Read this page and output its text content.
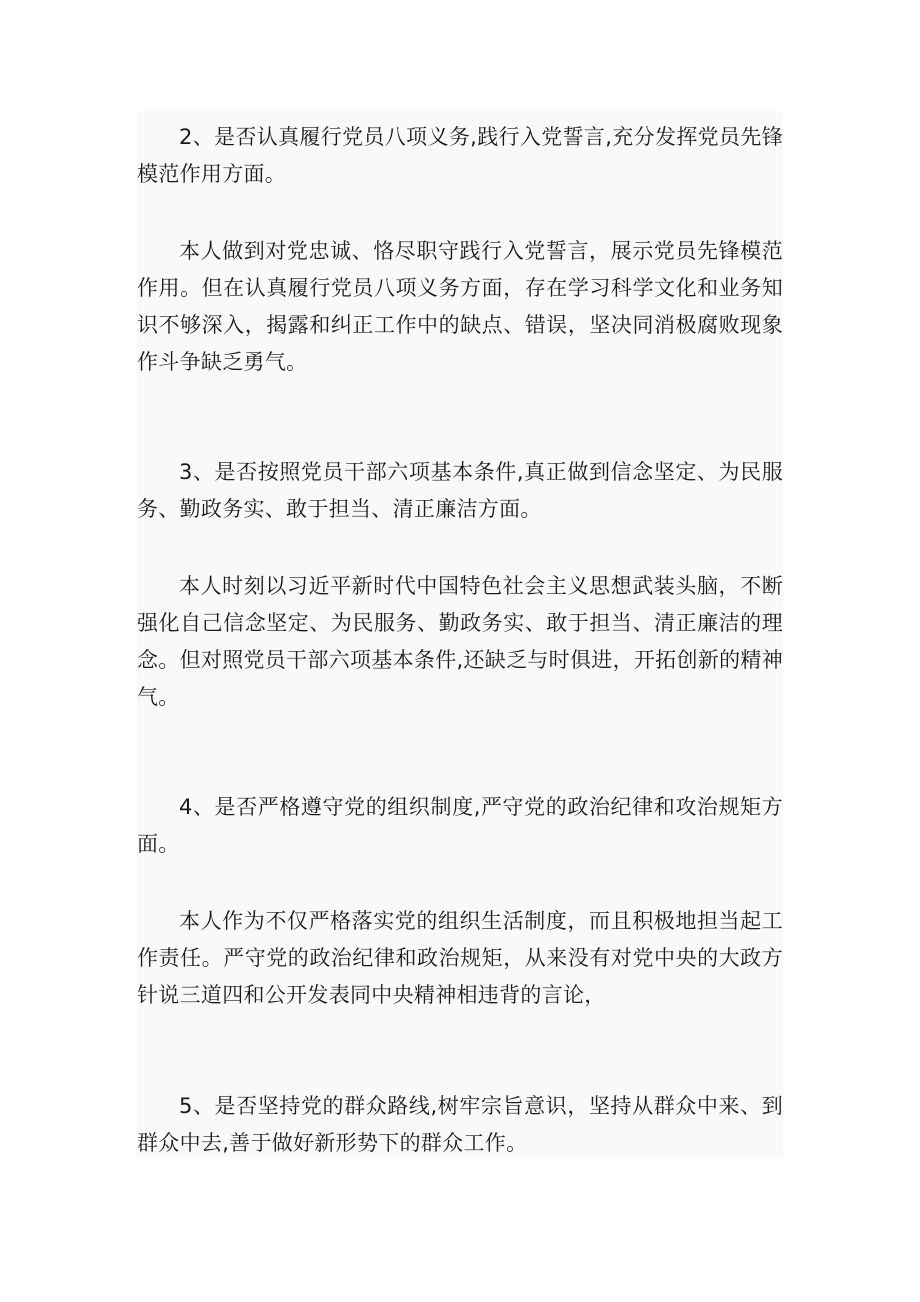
2、是否认真履行党员八项义务,践行入党誓言,充分发挥党员先锋模范作用方面。

本人做到对党忠诚、恪尽职守践行入党誓言，展示党员先锋模范作用。但在认真履行党员八项义务方面，存在学习科学文化和业务知识不够深入，揭露和纠正工作中的缺点、错误，坚决同消极腐败现象作斗争缺乏勇气。

3、是否按照党员干部六项基本条件,真正做到信念坚定、为民服务、勤政务实、敢于担当、清正廉洁方面。

本人时刻以习近平新时代中国特色社会主义思想武装头脑，不断强化自己信念坚定、为民服务、勤政务实、敢于担当、清正廉洁的理念。但对照党员干部六项基本条件,还缺乏与时俱进，开拓创新的精神气。

4、是否严格遵守党的组织制度,严守党的政治纪律和攻治规矩方面。

本人作为不仅严格落实党的组织生活制度，而且积极地担当起工作责任。严守党的政治纪律和政治规矩，从来没有对党中央的大政方针说三道四和公开发表同中央精神相违背的言论，

5、是否坚持党的群众路线,树牢宗旨意识，坚持从群众中来、到群众中去,善于做好新形势下的群众工作。
